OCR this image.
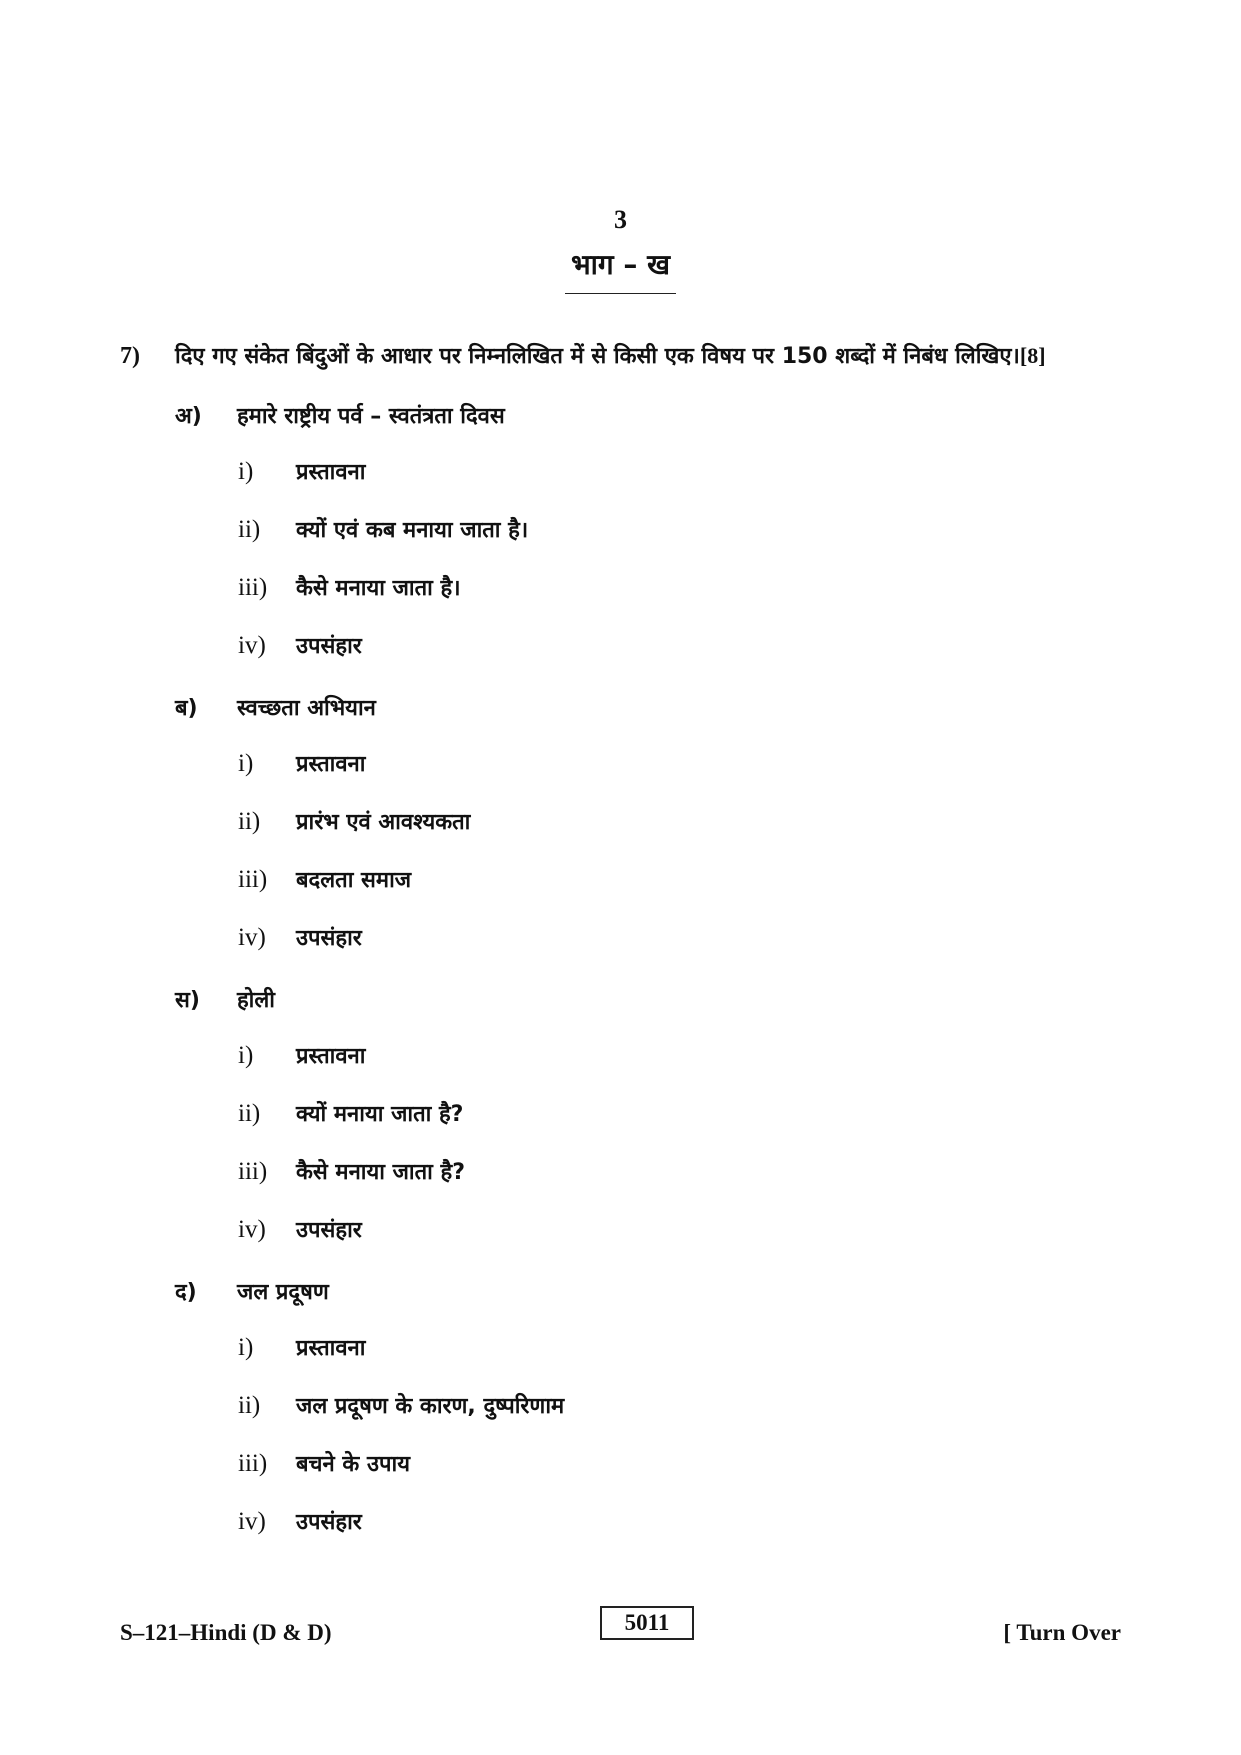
3
भाग – ख
7) दिए गए संकेत बिंदुओं के आधार पर निम्नलिखित में से किसी एक विषय पर 150 शब्दों में निबंध लिखिए।[8]
अ) हमारे राष्ट्रीय पर्व – स्वतंत्रता दिवस
i) प्रस्तावना
ii) क्यों एवं कब मनाया जाता है।
iii) कैसे मनाया जाता है।
iv) उपसंहार
ब) स्वच्छता अभियान
i) प्रस्तावना
ii) प्रारंभ एवं आवश्यकता
iii) बदलता समाज
iv) उपसंहार
स) होली
i) प्रस्तावना
ii) क्यों मनाया जाता है?
iii) कैसे मनाया जाता है?
iv) उपसंहार
द) जल प्रदूषण
i) प्रस्तावना
ii) जल प्रदूषण के कारण, दुष्परिणाम
iii) बचने के उपाय
iv) उपसंहार
S–121–Hindi (D & D)	5011	[ Turn Over
